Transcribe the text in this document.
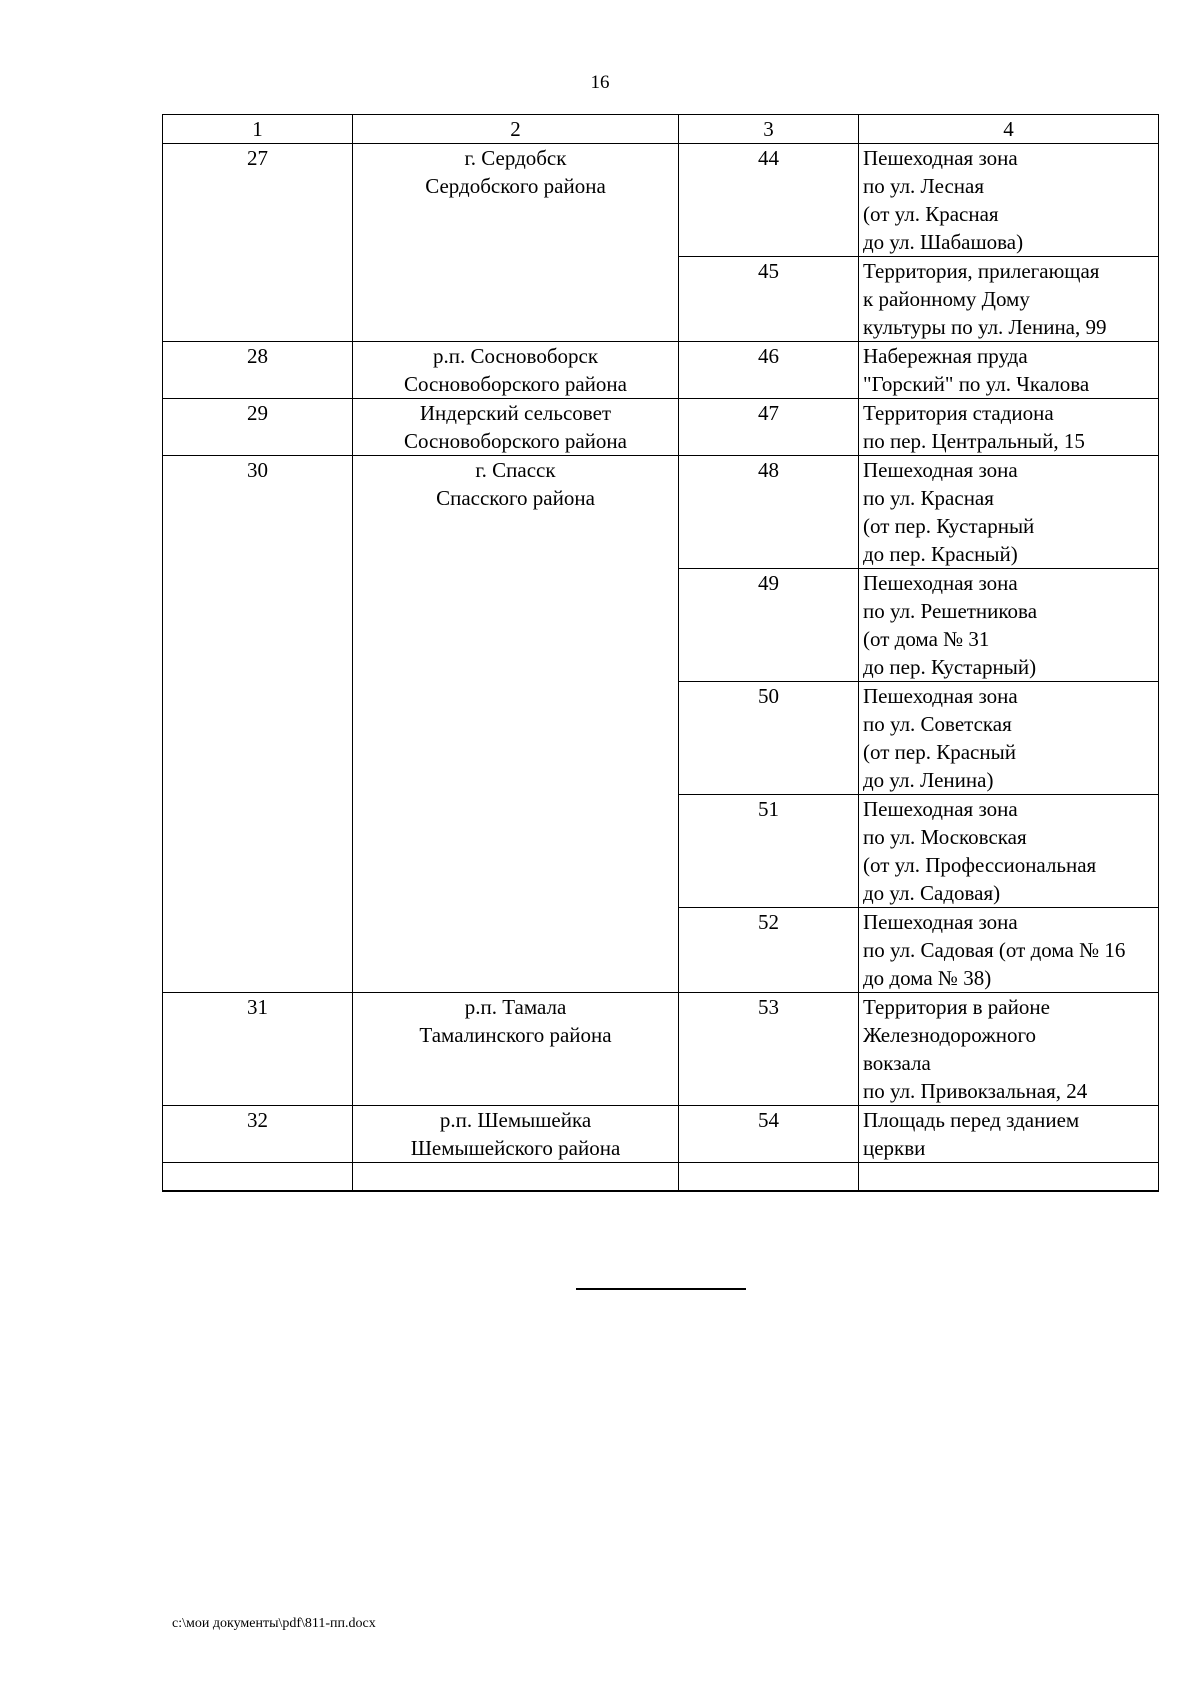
16
1	2	3	4
27	г. Сердобск
Сердобского района	44	Пешеходная зона
по ул. Лесная
(от ул. Красная
до ул. Шабашова)

		45	Территория, прилегающая
к районному Дому
культуры по ул. Ленина, 99

28	р.п. Сосновоборск
Сосновоборского района	46	Набережная пруда
"Горский" по ул. Чкалова

29	Индерский сельсовет
Сосновоборского района	47	Территория стадиона
по пер. Центральный, 15

30	г. Спасск
Спасского района	48	Пешеходная зона
по ул. Красная
(от пер. Кустарный
до пер. Красный)

		49	Пешеходная зона
по ул. Решетникова
(от дома № 31
до пер. Кустарный)

		50	Пешеходная зона
по ул. Советская
(от пер. Красный
до ул. Ленина)

		51	Пешеходная зона
по ул. Московская
(от ул. Профессиональная
до ул. Садовая)

		52	Пешеходная зона
по ул. Садовая (от дома № 16
до дома № 38)

31	р.п. Тамала
Тамалинского района	53	Территория в районе
Железнодорожного
вокзала
по ул. Привокзальная, 24

32	р.п. Шемышейка
Шемышейского района	54	Площадь перед зданием
церкви

c:\мои документы\pdf\811-пп.docx
